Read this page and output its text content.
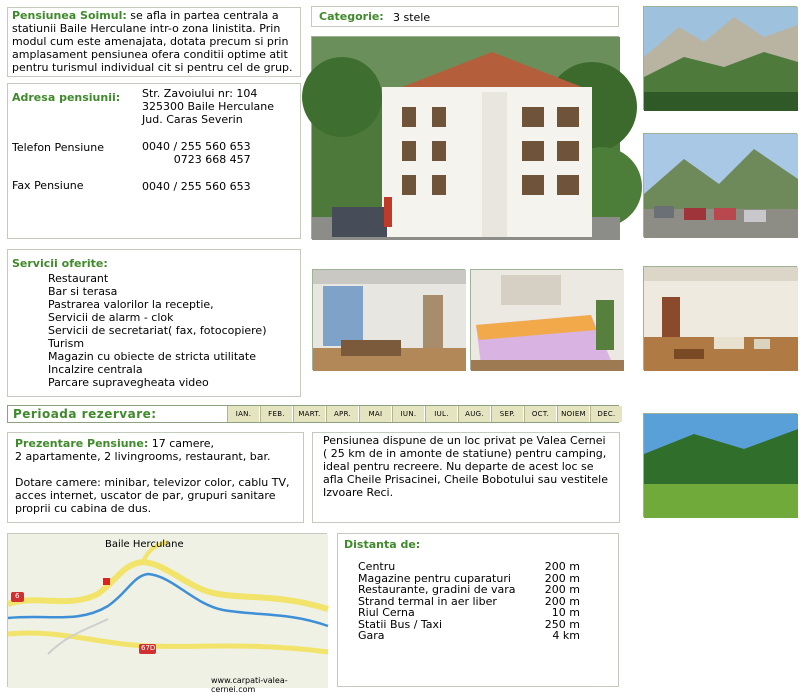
Pensiunea Soimul: se afla in partea centrala a statiunii Baile Herculane intr-o zona linistita. Prin modul cum este amenajata, dotata precum si prin amplasament pensiunea ofera conditii optime atit pentru turismul individual cit si pentru cel de grup.
Adresa pensiunii: Str. Zavoiului nr: 104
325300 Baile Herculane
Jud. Caras Severin
Telefon Pensiune	0040 / 255 560 653
0723 668 457
Fax Pensiune	0040 / 255 560 653
Categorie: 3 stele
Servicii oferite:
Restaurant
Bar si terasa
Pastrarea valorilor la receptie,
Servicii de alarm - clok
Servicii de secretariat( fax, fotocopiere)
Turism
Magazin cu obiecte de stricta utilitate
Incalzire centrala
Parcare supravegheata video
Perioada rezervare:	IAN.	FEB.	MART.	APR.	MAI	IUN.	IUL.	AUG.	SEP.	OCT.	NOIEM	DEC.
Prezentare Pensiune: 17 camere,
2 apartamente, 2 livingrooms, restaurant, bar.
Dotare camere: minibar, televizor color, cablu TV, acces internet, uscator de par, grupuri sanitare proprii cu cabina de dus.
Pensiunea dispune de un loc privat pe Valea Cernei ( 25 km de in amonte de statiune) pentru camping, ideal pentru recreere. Nu departe de acest loc se afla Cheile Prisacinei, Cheile Bobotului sau vestitele Izvoare Reci.
Baile Herculane
6
67D
www.carpati-valea-cernei.com
Distanta de:
Centru	200 m
Magazine pentru cuparaturi	200 m
Restaurante, gradini de vara	200 m
Strand termal in aer liber	200 m
Riul Cerna	10 m
Statii Bus / Taxi	250 m
Gara	4 km
